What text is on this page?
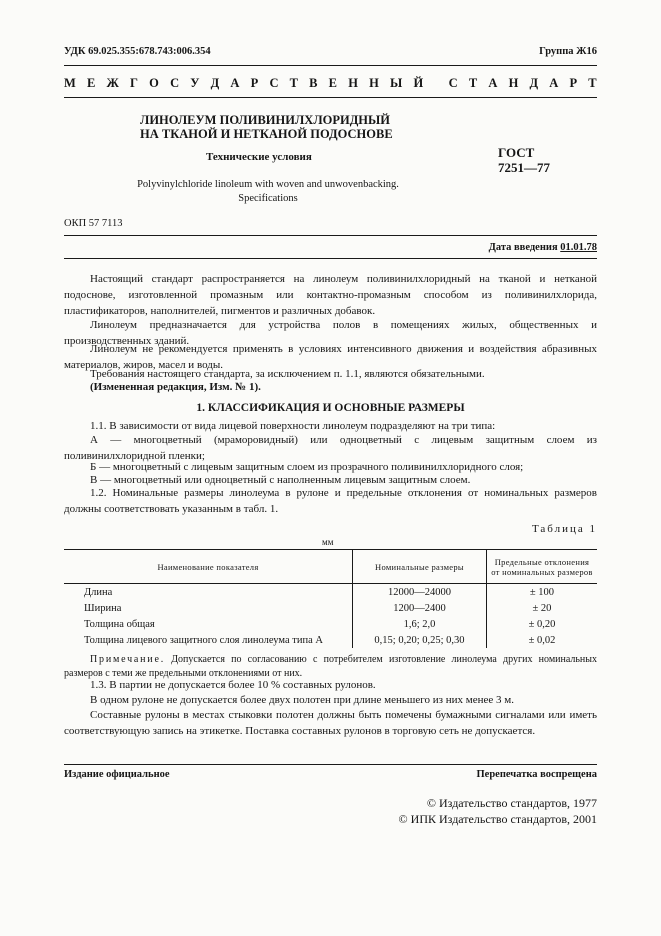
УДК 69.025.355:678.743:006.354	Группа Ж16
М Е Ж Г О С У Д А Р С Т В Е Н Н Ы Й
С Т А Н Д А Р Т
ЛИНОЛЕУМ ПОЛИВИНИЛХЛОРИДНЫЙ
НА ТКАНОЙ И НЕТКАНОЙ ПОДОСНОВЕ
Технические условия
Polyvinylchloride linoleum with woven and unwovenbacking.
Specifications
ГОСТ
7251—77
ОКП 57 7113
Дата введения 01.01.78
Настоящий стандарт распространяется на линолеум поливинилхлоридный на тканой и нетканой подоснове, изготовленной промазным или контактно-промазным способом из поливинилхлорида, пластификаторов, наполнителей, пигментов и различных добавок.
Линолеум предназначается для устройства полов в помещениях жилых, общественных и производственных зданий.
Линолеум не рекомендуется применять в условиях интенсивного движения и воздействия абразивных материалов, жиров, масел и воды.
Требования настоящего стандарта, за исключением п. 1.1, являются обязательными.
(Измененная редакция, Изм. № 1).
1. КЛАССИФИКАЦИЯ И ОСНОВНЫЕ РАЗМЕРЫ
1.1. В зависимости от вида лицевой поверхности линолеум подразделяют на три типа:
А — многоцветный (мраморовидный) или одноцветный с лицевым защитным слоем из поливинилхлоридной пленки;
Б — многоцветный с лицевым защитным слоем из прозрачного поливинилхлоридного слоя;
В — многоцветный или одноцветный с наполненным лицевым защитным слоем.
1.2. Номинальные размеры линолеума в рулоне и предельные отклонения от номинальных размеров должны соответствовать указанным в табл. 1.
Таблица 1
мм
Наименование показателя	Номинальные размеры	Предельные отклонения от номинальных размеров
Длина	12000—24000	± 100
Ширина	1200—2400	± 20
Толщина общая	1,6; 2,0	± 0,20
Толщина лицевого защитного слоя линолеума типа А	0,15; 0,20; 0,25; 0,30	± 0,02
Примечание. Допускается по согласованию с потребителем изготовление линолеума других номинальных размеров с теми же предельными отклонениями от них.
1.3. В партии не допускается более 10 % составных рулонов.
В одном рулоне не допускается более двух полотен при длине меньшего из них менее 3 м.
Составные рулоны в местах стыковки полотен должны быть помечены бумажными сигналами или иметь соответствующую запись на этикетке. Поставка составных рулонов в торговую сеть не допускается.
Издание официальное	Перепечатка воспрещена
© Издательство стандартов, 1977
© ИПК Издательство стандартов, 2001
